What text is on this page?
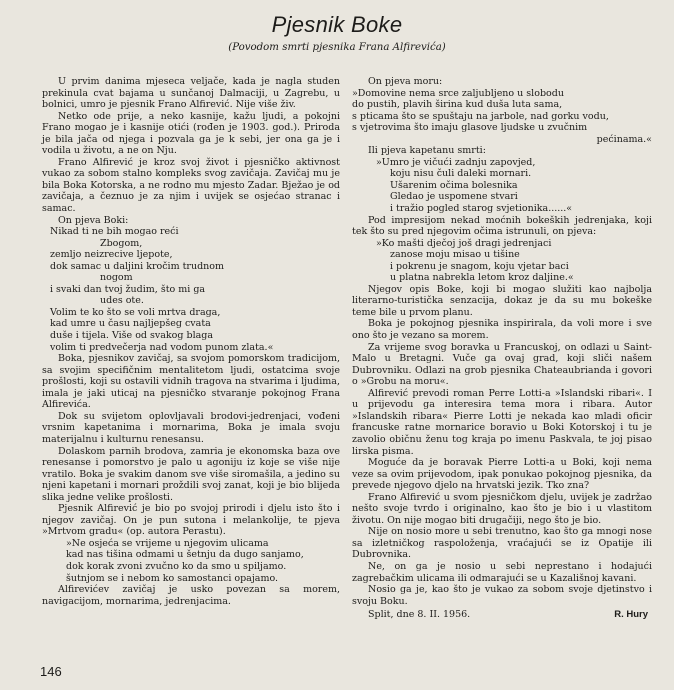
Pjesnik Boke
(Povodom smrti pjesnika Frana Alfirevića)

U prvim danima mjeseca veljače, kada je nagla studen prekinula cvat bajama u sunčanoj Dalmaciji, u Zagrebu, u bolnici, umro je pjesnik Frano Alfirević. Nije više živ.

Netko ode prije, a neko kasnije, kažu ljudi, a pokojni Frano mogao je i kasnije otići (rođen je 1903. god.). Priroda je bila jača od njega i pozvala ga je k sebi, jer ona ga je i vodila u životu, a ne on Nju.

Frano Alfirević je kroz svoj život i pjesničko aktivnost vukao za sobom stalno kompleks svog zavičaja. Zavičaj mu je bila Boka Kotorska, a ne rodno mu mjesto Zadar. Bježao je od zavičaja, a čeznuo je za njim i uvijek se osjećao stranac i samac.

On pjeva Boki:

Nikad ti ne bih mogao reći
Zbogom,
zemljo neizrecive ljepote,
dok samac u daljini kročim trudnom
nogom
i svaki dan tvoj žudim, što mi ga
udes ote.
Volim te ko što se voli mrtva draga,
kad umre u času najljepšeg cvata
duše i tijela. Više od svakog blaga
volim ti predvečerja nad vodom punom zlata.«

Boka, pjesnikov zavičaj, sa svojom pomorskom tradicijom, sa svojim specifičnim mentalitetom ljudi, ostatcima svoje prošlosti, koji su ostavili vidnih tragova na stvarima i ljudima, imala je jaki uticaj na pjesničko stvaranje pokojnog Frana Alfirevića.

Dok su svijetom oplovljavali brodovi-jedrenjaci, vođeni vrsnim kapetanima i mornarima, Boka je imala svoju materijalnu i kulturnu renesansu.

Dolaskom parnih brodova, zamria je ekonomska baza ove renesanse i pomorstvo je palo u agoniju iz koje se više nije vratilo. Boka je svakim danom sve više siromašila, a jedino su njeni kapetani i mornari proždili svoj zanat, koji je bio blijeda slika jedne velike prošlosti.

Pjesnik Alfirević je bio po svojoj prirodi i djelu isto što i njegov zavičaj. On je pun sutona i melankolije, te pjeva »Mrtvom gradu« (op. autora Perastu).

»Ne osjeća se vrijeme u njegovim ulicama
kad nas tišina odmami u šetnju da dugo sanjamo,
dok korak zvoni zvučno ko da smo u spiljamo.
šutnjom se i nebom ko samostanci opajamo.

Alfirevićev zavičaj je usko povezan sa morem, navigacijom, mornarima, jedrenjacima.

On pjeva moru:

»Domovine nema srce zaljubljeno u slobodu
do pustih, plavih širina kud duša luta sama,
s pticama što se spuštaju na jarbole, nad gorku vodu,
s vjetrovima što imaju glasove ljudske u zvučnim
pećinama.«

Ili pjeva kapetanu smrti:

»Umro je vičući zadnju zapovjed,
koju nisu čuli daleki mornari.
Ušarenim očima bolesnika
Gledao je uspomene stvari
i tražio pogled starog svjetionika......«

Pod impresijom nekad moćnih bokeških jedrenjaka, koji tek što su pred njegovim očima istrunuli, on pjeva:

»Ko mašti dječoj još dragi jedrenjaci
zanose moju misao u tišine
i pokrenu je snagom, koju vjetar baci
u platna nabrekla letom kroz daljine.«

Njegov opis Boke, koji bi mogao služiti kao najbolja literarno-turistička senzacija, dokaz je da su mu bokeške teme bile u prvom planu.

Boka je pokojnog pjesnika inspirirala, da voli more i sve ono što je vezano sa morem.

Za vrijeme svog boravka u Francuskoj, on odlazi u Saint-Malo u Bretagni. Vuče ga ovaj grad, koji sliči našem Dubrovniku. Odlazi na grob pjesnika Chateaubrianda i govori o »Grobu na moru«.

Alfirević prevodi roman Perre Lotti-a »Islandski ribari«. I u prijevodu ga interesira tema mora i ribara. Autor »Islandskih ribara« Pierre Lotti je nekada kao mladi oficir francuske ratne mornarice boravio u Boki Kotorskoj i tu je zavolio običnu ženu tog kraja po imenu Paskvala, te joj pisao lirska pisma.

Moguće da je boravak Pierre Lotti-a u Boki, koji nema veze sa ovim prijevodom, ipak ponukao pokojnog pjesnika, da prevede njegovo djelo na hrvatski jezik. Tko zna?

Frano Alfirević u svom pjesničkom djelu, uvijek je zadržao nešto svoje tvrdo i originalno, kao što je bio i u vlastitom životu. On nije mogao biti drugačiji, nego što je bio.

Nije on nosio more u sebi trenutno, kao što ga mnogi nose sa izletničkog raspoloženja, vraćajući se iz Opatije ili Dubrovnika.

Ne, on ga je nosio u sebi neprestano i hodajući zagrebačkim ulicama ili odmarajući se u Kazališnoj kavani.

Nosio ga je, kao što je vukao za sobom svoje djetinstvo i svoju Boku.

Split, dne 8. II. 1956.	R. Hury
146
